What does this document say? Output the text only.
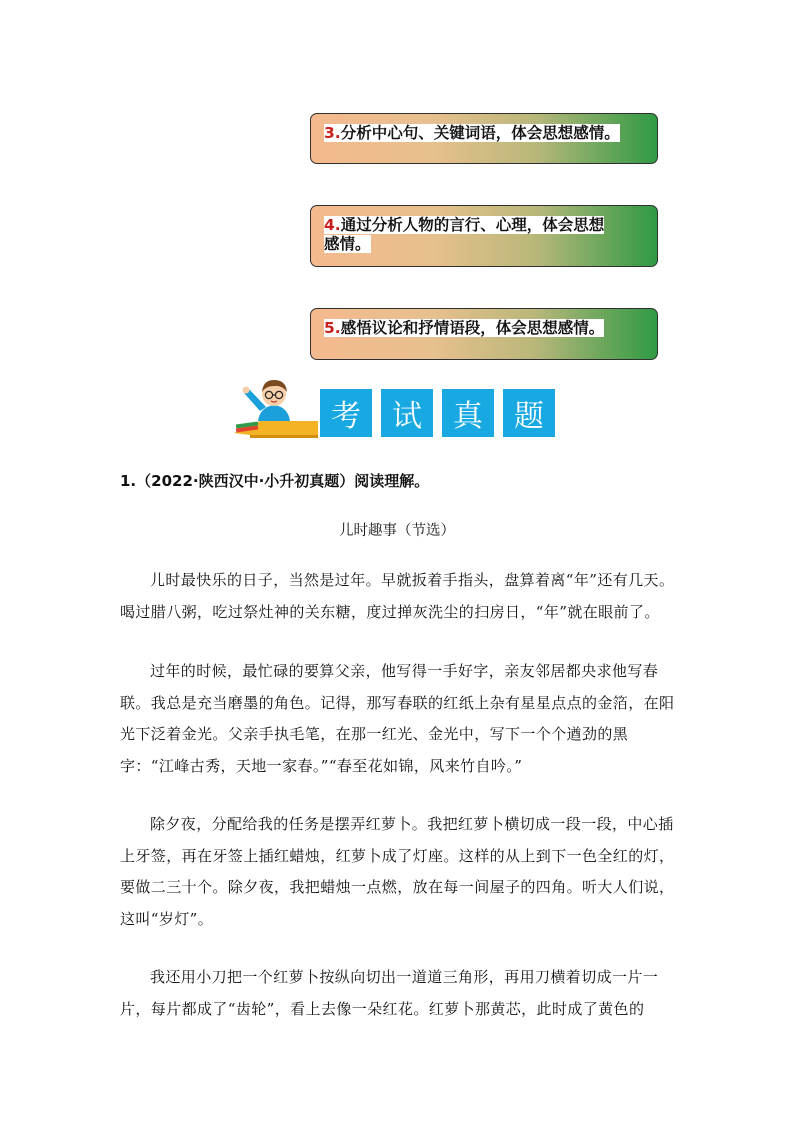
3.分析中心句、关键词语，体会思想感情。
4.通过分析人物的言行、心理，体会思想
感情。
5.感悟议论和抒情语段，体会思想感情。
考	试	真	题
1.（2022·陕西汉中·小升初真题）阅读理解。
儿时趣事（节选）

儿时最快乐的日子，当然是过年。早就扳着手指头，盘算着离“年”还有几天。喝过腊八粥，吃过祭灶神的关东糖，度过掸灰洗尘的扫房日，“年”就在眼前了。

过年的时候，最忙碌的要算父亲，他写得一手好字，亲友邻居都央求他写春联。我总是充当磨墨的角色。记得，那写春联的红纸上杂有星星点点的金箔，在阳光下泛着金光。父亲手执毛笔，在那一红光、金光中，写下一个个遒劲的黑字：“江峰古秀，天地一家春。”“春至花如锦，风来竹自吟。”

除夕夜，分配给我的任务是摆弄红萝卜。我把红萝卜横切成一段一段，中心插上牙签，再在牙签上插红蜡烛，红萝卜成了灯座。这样的从上到下一色全红的灯，要做二三十个。除夕夜，我把蜡烛一点燃，放在每一间屋子的四角。听大人们说，这叫“岁灯”。

我还用小刀把一个红萝卜按纵向切出一道道三角形，再用刀横着切成一片一片，每片都成了“齿轮”，看上去像一朵红花。红萝卜那黄芯，此时成了黄色的
